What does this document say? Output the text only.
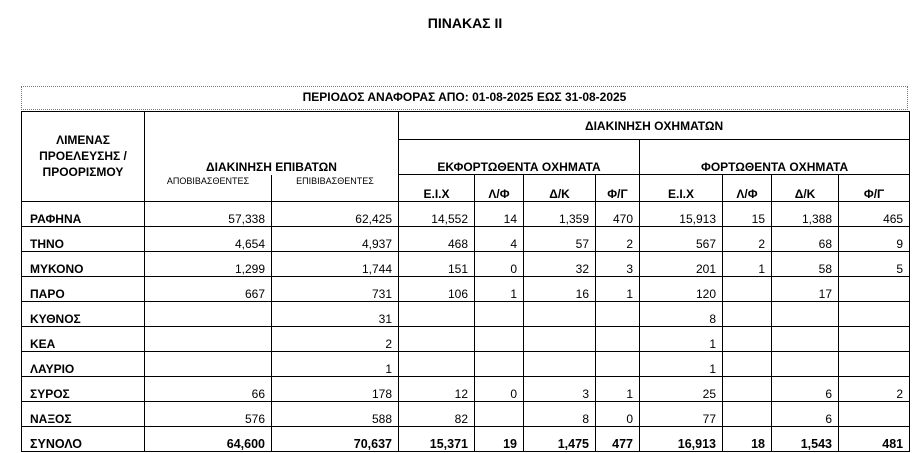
ΠΙΝΑΚΑΣ ΙΙ
ΠΕΡΙΟΔΟΣ ΑΝΑΦΟΡΑΣ ΑΠΟ: 01-08-2025 ΕΩΣ 31-08-2025
ΛΙΜΕΝΑΣ ΠΡΟΕΛΕΥΣΗΣ / ΠΡΟΟΡΙΣΜΟΥ	ΔΙΑΚΙΝΗΣΗ ΕΠΙΒΑΤΩΝ		ΔΙΑΚΙΝΗΣΗ ΟΧΗΜΑΤΩΝ							
			ΕΚΦΟΡΤΩΘΕΝΤΑ ΟΧΗΜΑΤΑ				ΦΟΡΤΩΘΕΝΤΑ ΟΧΗΜΑΤΑ			
	ΑΠΟΒΙΒΑΣΘΕΝΤΕΣ	ΕΠΙΒΙΒΑΣΘΕΝΤΕΣ	Ε.Ι.Χ	Λ/Φ	Δ/Κ	Φ/Γ	Ε.Ι.Χ	Λ/Φ	Δ/Κ	Φ/Γ
ΡΑΦΗΝΑ	57,338	62,425	14,552	14	1,359	470	15,913	15	1,388	465
ΤΗΝΟ	4,654	4,937	468	4	57	2	567	2	68	9
ΜΥΚΟΝΟ	1,299	1,744	151	0	32	3	201	1	58	5
ΠΑΡΟ	667	731	106	1	16	1	120		17	
ΚΥΘΝΟΣ		31					8			
ΚΕΑ		2					1			
ΛΑΥΡΙΟ		1					1			
ΣΥΡΟΣ	66	178	12	0	3	1	25		6	2
ΝΑΞΟΣ	576	588	82		8	0	77		6	
ΣΥΝΟΛΟ	64,600	70,637	15,371	19	1,475	477	16,913	18	1,543	481
